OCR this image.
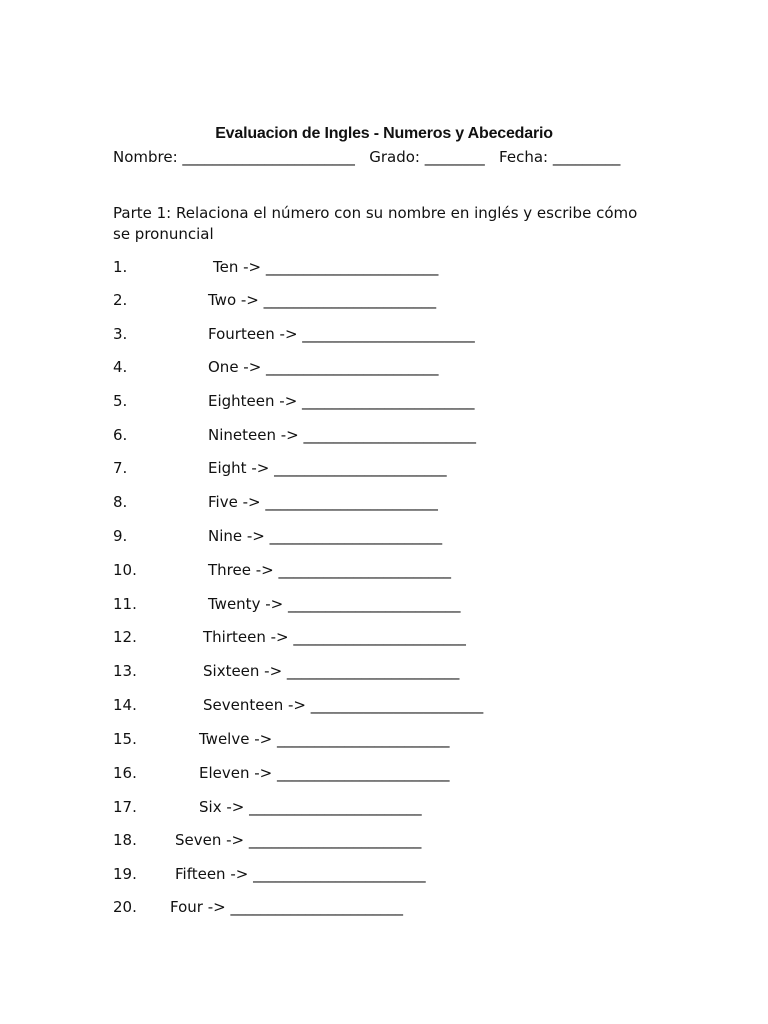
Evaluacion de Ingles - Numeros y Abecedario
Nombre: _______________________   Grado: ________   Fecha: _________
Parte 1: Relaciona el número con su nombre en inglés y escribe cómo se pronuncial
1.	Ten -> _______________________
2.	Two -> _______________________
3.	Fourteen -> _______________________
4.	One -> _______________________
5.	Eighteen -> _______________________
6.	Nineteen -> _______________________
7.	Eight -> _______________________
8.	Five -> _______________________
9.	Nine -> _______________________
10.	Three -> _______________________
11.	Twenty -> _______________________
12.	Thirteen -> _______________________
13.	Sixteen -> _______________________
14.	Seventeen -> _______________________
15.	Twelve -> _______________________
16.	Eleven -> _______________________
17.	Six -> _______________________
18.	Seven -> _______________________
19.	Fifteen -> _______________________
20. Four -> _______________________
